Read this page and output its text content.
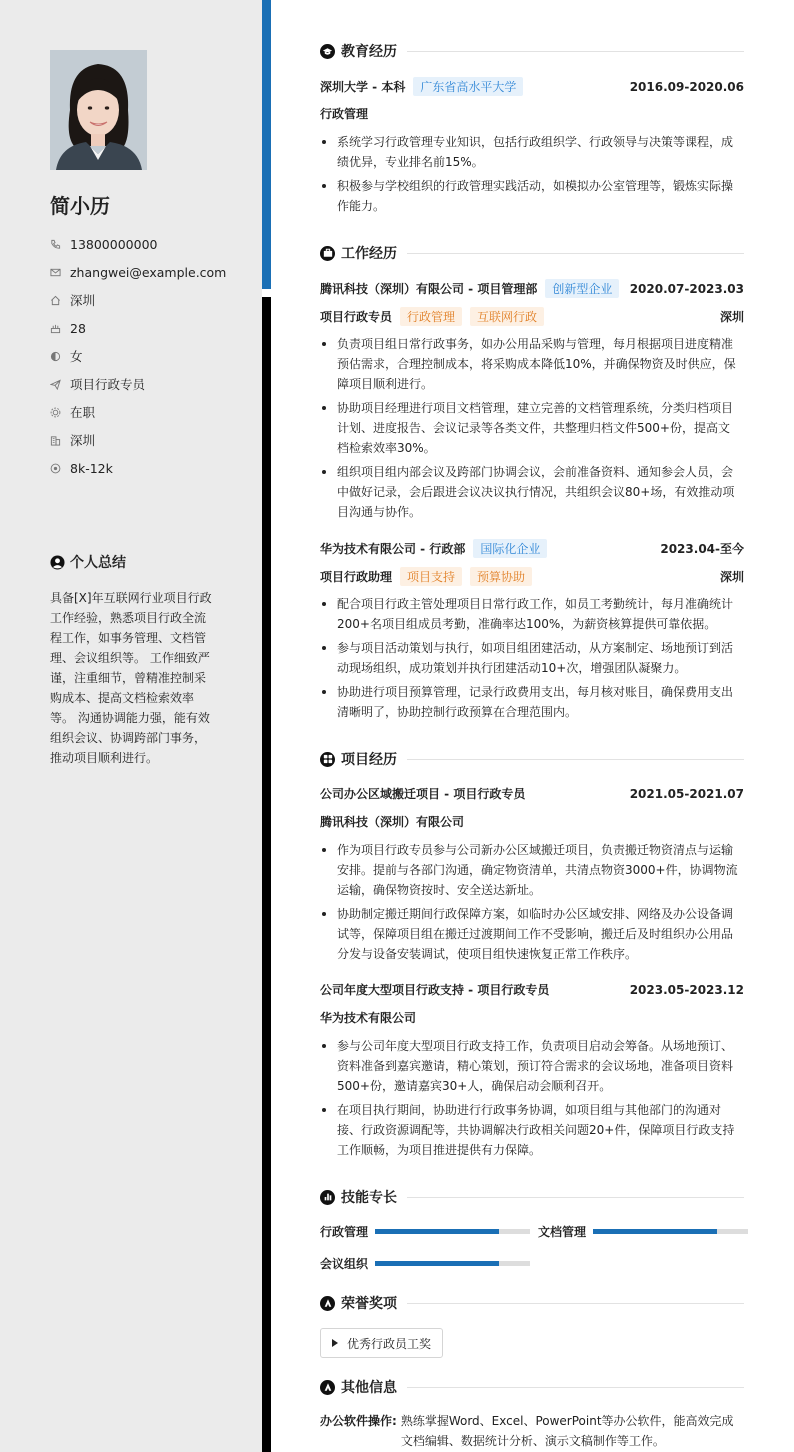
简小历
13800000000
zhangwei@example.com
深圳
28
女
项目行政专员
在职
深圳
8k-12k
个人总结
具备[X]年互联网行业项目行政工作经验，熟悉项目行政全流程工作，如事务管理、文档管理、会议组织等。 工作细致严谨，注重细节，曾精准控制采购成本、提高文档检索效率等。 沟通协调能力强，能有效组织会议、协调跨部门事务，推动项目顺利进行。
教育经历
深圳大学 - 本科	广东省高水平大学	2016.09-2020.06
行政管理
系统学习行政管理专业知识，包括行政组织学、行政领导与决策等课程，成绩优异，专业排名前15%。
积极参与学校组织的行政管理实践活动，如模拟办公室管理等，锻炼实际操作能力。
工作经历
腾讯科技（深圳）有限公司 - 项目管理部	创新型企业	2020.07-2023.03
项目行政专员	行政管理	互联网行政	深圳
负责项目组日常行政事务，如办公用品采购与管理，每月根据项目进度精准预估需求，合理控制成本，将采购成本降低10%，并确保物资及时供应，保障项目顺利进行。
协助项目经理进行项目文档管理，建立完善的文档管理系统，分类归档项目计划、进度报告、会议记录等各类文件，共整理归档文件500+份，提高文档检索效率30%。
组织项目组内部会议及跨部门协调会议，会前准备资料、通知参会人员，会中做好记录，会后跟进会议决议执行情况，共组织会议80+场，有效推动项目沟通与协作。
华为技术有限公司 - 行政部	国际化企业	2023.04-至今
项目行政助理	项目支持	预算协助	深圳
配合项目行政主管处理项目日常行政工作，如员工考勤统计，每月准确统计200+名项目组成员考勤，准确率达100%，为薪资核算提供可靠依据。
参与项目活动策划与执行，如项目组团建活动，从方案制定、场地预订到活动现场组织，成功策划并执行团建活动10+次，增强团队凝聚力。
协助进行项目预算管理，记录行政费用支出，每月核对账目，确保费用支出清晰明了，协助控制行政预算在合理范围内。
项目经历
公司办公区域搬迁项目 - 项目行政专员	2021.05-2021.07
腾讯科技（深圳）有限公司
作为项目行政专员参与公司新办公区域搬迁项目，负责搬迁物资清点与运输安排。提前与各部门沟通，确定物资清单，共清点物资3000+件，协调物流运输，确保物资按时、安全送达新址。
协助制定搬迁期间行政保障方案，如临时办公区域安排、网络及办公设备调试等，保障项目组在搬迁过渡期间工作不受影响，搬迁后及时组织办公用品分发与设备安装调试，使项目组快速恢复正常工作秩序。
公司年度大型项目行政支持 - 项目行政专员	2023.05-2023.12
华为技术有限公司
参与公司年度大型项目行政支持工作，负责项目启动会筹备。从场地预订、资料准备到嘉宾邀请，精心策划，预订符合需求的会议场地，准备项目资料500+份，邀请嘉宾30+人，确保启动会顺利召开。
在项目执行期间，协助进行行政事务协调，如项目组与其他部门的沟通对接、行政资源调配等，共协调解决行政相关问题20+件，保障项目行政支持工作顺畅，为项目推进提供有力保障。
技能专长
行政管理	文档管理
会议组织
荣誉奖项
优秀行政员工奖
其他信息
办公软件操作: 熟练掌握Word、Excel、PowerPoint等办公软件，能高效完成文档编辑、数据统计分析、演示文稿制作等工作。
